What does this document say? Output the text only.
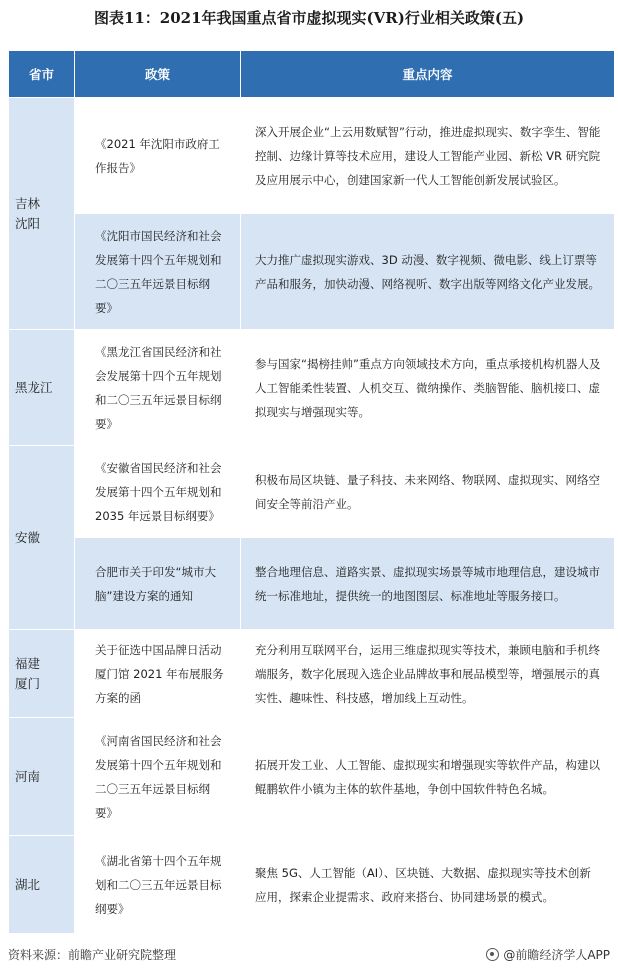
图表11：2021年我国重点省市虚拟现实(VR)行业相关政策(五)
省市	政策	重点内容

吉林
沈阳	《2021 年沈阳市政府工作报告》	深入开展企业“上云用数赋智”行动，推进虚拟现实、数字孪生、智能控制、边缘计算等技术应用，建设人工智能产业园、新松 VR 研究院及应用展示中心，创建国家新一代人工智能创新发展试验区。
	《沈阳市国民经济和社会发展第十四个五年规划和二〇三五年远景目标纲要》	大力推广虚拟现实游戏、3D 动漫、数字视频、微电影、线上订票等产品和服务，加快动漫、网络视听、数字出版等网络文化产业发展。

黑龙江	《黑龙江省国民经济和社会发展第十四个五年规划和二〇三五年远景目标纲要》	参与国家“揭榜挂帅”重点方向领域技术方向，重点承接机构机器人及人工智能柔性装置、人机交互、微纳操作、类脑智能、脑机接口、虚拟现实与增强现实等。

安徽	《安徽省国民经济和社会发展第十四个五年规划和2035 年远景目标纲要》	积极布局区块链、量子科技、未来网络、物联网、虚拟现实、网络空间安全等前沿产业。
	合肥市关于印发“城市大脑”建设方案的通知	整合地理信息、道路实景、虚拟现实场景等城市地理信息，建设城市统一标准地址，提供统一的地图图层、标准地址等服务接口。

福建
厦门	关于征选中国品牌日活动厦门馆 2021 年布展服务方案的函	充分利用互联网平台，运用三维虚拟现实等技术，兼顾电脑和手机终端服务，数字化展现入选企业品牌故事和展品模型等，增强展示的真实性、趣味性、科技感，增加线上互动性。

河南	《河南省国民经济和社会发展第十四个五年规划和二〇三五年远景目标纲要》	拓展开发工业、人工智能、虚拟现实和增强现实等软件产品，构建以鲲鹏软件小镇为主体的软件基地，争创中国软件特色名城。

湖北	《湖北省第十四个五年规划和二〇三五年远景目标纲要》	聚焦 5G、人工智能（AI）、区块链、大数据、虚拟现实等技术创新应用，探索企业提需求、政府来搭台、协同建场景的模式。
资料来源：前瞻产业研究院整理	@前瞻经济学人APP
